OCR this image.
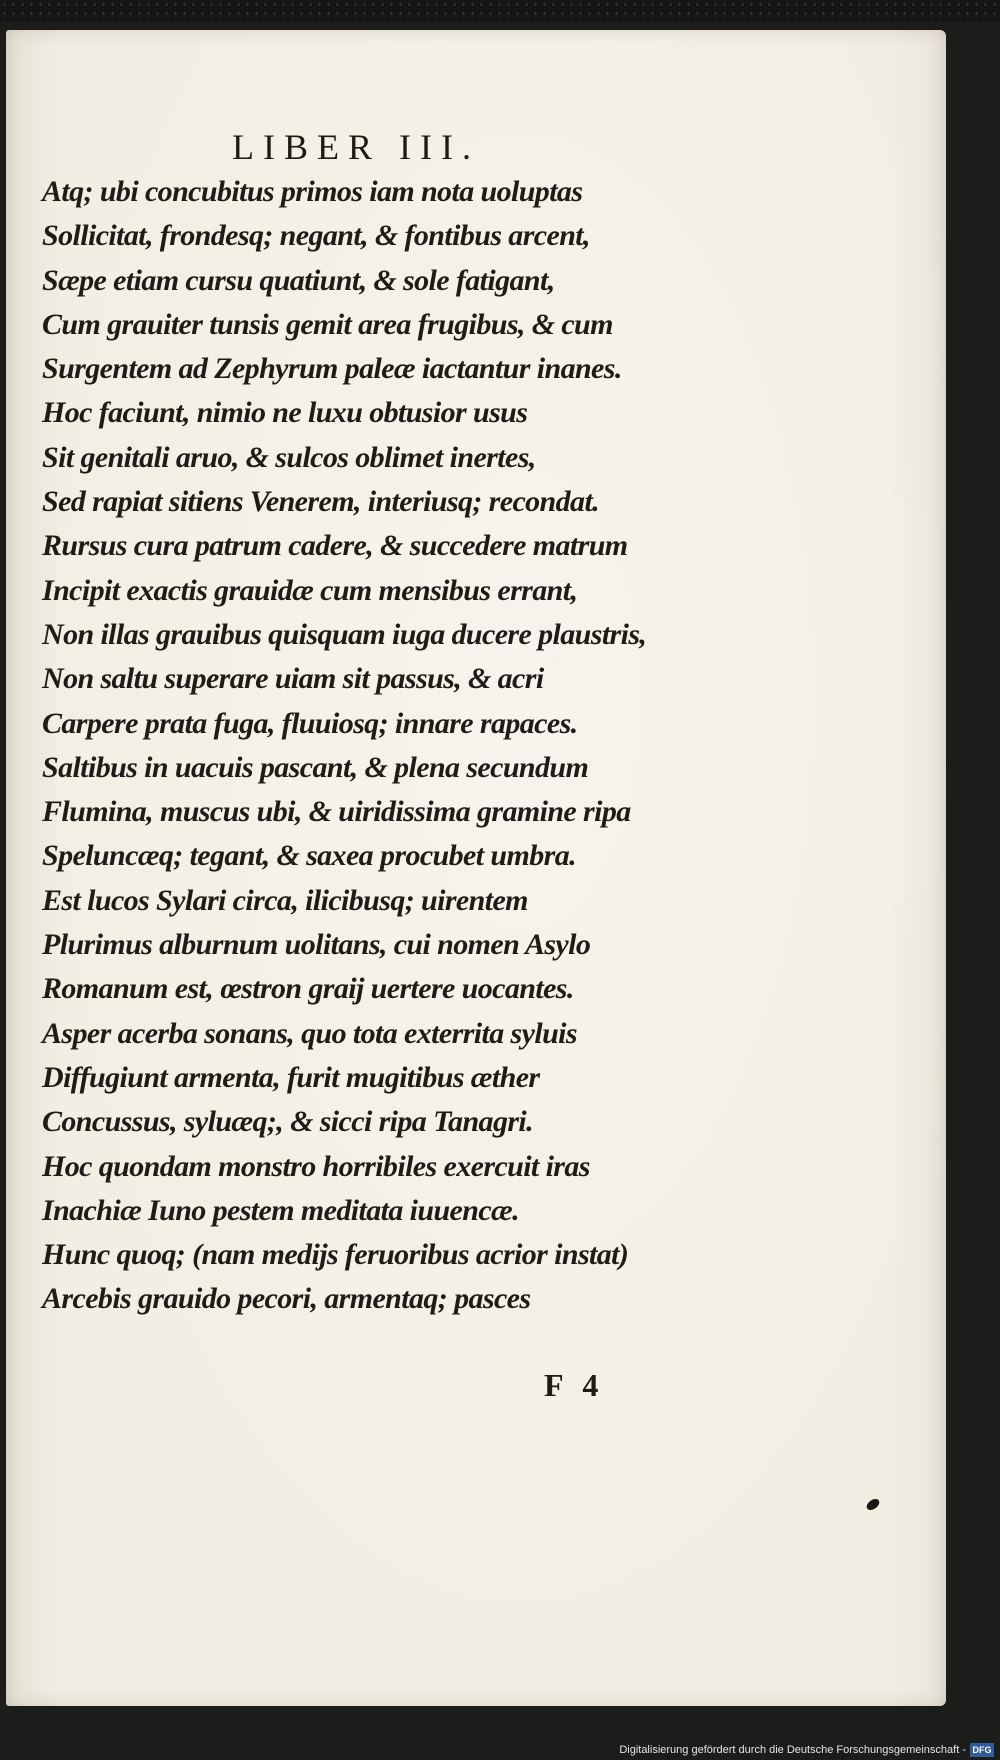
LIBER III.
Atq; ubi concubitus primos iam nota uoluptas
Sollicitat, frondesq; negant, & fontibus arcent,
Sæpe etiam cursu quatiunt, & sole fatigant,
Cum grauiter tunsis gemit area frugibus, & cum
Surgentem ad Zephyrum paleæ iactantur inanes.
Hoc faciunt, nimio ne luxu obtusior usus
Sit genitali aruo, & sulcos oblimet inertes,
Sed rapiat sitiens Venerem, interiusq; recondat.
Rursus cura patrum cadere, & succedere matrum
Incipit exactis grauidæ cum mensibus errant,
Non illas grauibus quisquam iuga ducere plaustris,
Non saltu superare uiam sit passus, & acri
Carpere prata fuga, fluuiosq; innare rapaces.
Saltibus in uacuis pascant, & plena secundum
Flumina, muscus ubi, & uiridissima gramine ripa
Speluncæq; tegant, & saxea procubet umbra.
Est lucos Sylari circa, ilicibusq; uirentem
Plurimus alburnum uolitans, cui nomen Asylo
Romanum est, œstron graij uertere uocantes.
Asper acerba sonans, quo tota exterrita syluis
Diffugiunt armenta, furit mugitibus æther
Concussus, syluæq;, & sicci ripa Tanagri.
Hoc quondam monstro horribiles exercuit iras
Inachiæ Iuno pestem meditata iuuencæ.
Hunc quoq; (nam medijs feruoribus acrior instat)
Arcebis grauido pecori, armentaq; pasces
F 4
Digitalisierung gefördert durch die Deutsche Forschungsgemeinschaft - DFG
